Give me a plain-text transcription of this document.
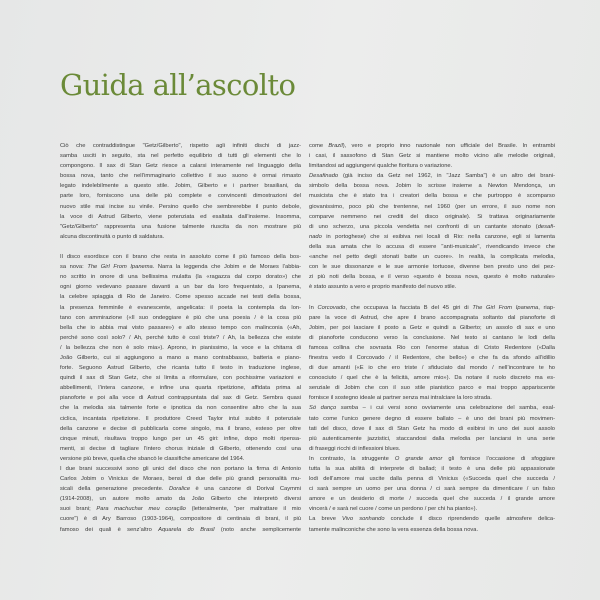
Guida all’ascolto
Ciò che contraddistingue "Getz/Gilberto", rispetto agli infiniti dischi di jazz-
samba usciti in seguito, sta nel perfetto equilibrio di tutti gli elementi che lo
compongono. Il sax di Stan Getz riesce a calarsi interamente nel linguaggio della
bossa nova, tanto che nell’immaginario collettivo il suo suono è ormai rimasto
legato indelebilmente a questo stile. Jobim, Gilberto e i partner brasiliani, da
parte loro, forniscono una delle più complete e convincenti dimostrazioni del
nuovo stile mai incise su vinile. Persino quello che sembrerebbe il punto debole,
la voce di Astrud Gilberto, viene potenziata ed esaltata dall’insieme. Insomma,
"Getz/Gilberto" rappresenta una fusione talmente riuscita da non mostrare più
alcuna discontinuità o punto di saldatura.
Il disco esordisce con il brano che resta in assoluto come il più famoso della bos-
sa nova: The Girl From Ipanema. Narra la leggenda che Jobim e de Moraes l’abbia-
no scritto in onore di una bellissima mulatta (la «ragazza dal corpo dorato») che
ogni giorno vedevano passare davanti a un bar da loro frequentato, a Ipanema,
la celebre spiaggia di Rio de Janeiro. Come spesso accade nei testi della bossa,
la presenza femminile è evanescente, angelicata: il poeta la contempla da lon-
tano con ammirazione («Il suo ondeggiare è più che una poesia / è la cosa più
bella che io abbia mai visto passare») e allo stesso tempo con malinconia («Ah,
perché sono così solo? / Ah, perché tutto è così triste? / Ah, la bellezza che esiste
/ la bellezza che non è solo mia»). Aprono, in pianissimo, la voce e la chitarra di
João Gilberto, cui si aggiungono a mano a mano contrabbasso, batteria e piano-
forte. Seguono Astrud Gilberto, che ricanta tutto il testo in traduzione inglese,
quindi il sax di Stan Getz, che si limita a riformulare, con pochissime variazioni e
abbellimenti, l’intera canzone, e infine una quarta ripetizione, affidata prima al
pianoforte e poi alla voce di Astrud contrappuntata dal sax di Getz. Sembra quasi
che la melodia sia talmente forte e ipnotica da non consentire altro che la sua
ciclica, incantata ripetizione. Il produttore Creed Taylor intuì subito il potenziale
della canzone e decise di pubblicarla come singolo, ma il brano, esteso per oltre
cinque minuti, risultava troppo lungo per un 45 giri: infine, dopo molti ripensa-
menti, si decise di tagliare l’intero chorus iniziale di Gilberto, ottenendo così una
versione più breve, quella che sbancò le classifiche americane del 1964.
I due brani successivi sono gli unici del disco che non portano la firma di Antonio
Carlos Jobim o Vinicius de Moraes, bensì di due delle più grandi personalità mu-
sicali della generazione precedente. Doralice è una canzone di Dorival Caymmi
(1914-2008), un autore molto amato da João Gilberto che interpretò diversi
suoi brani; Para machuchar meu coração (letteralmente, "per maltrattare il mio
cuore") è di Ary Barroso (1903-1964), compositore di centinaia di brani, il più
famoso dei quali è senz’altro Aquarela do Brasil (noto anche semplicemente
come Brazil), vero e proprio inno nazionale non ufficiale del Brasile. In entrambi
i casi, il sassofono di Stan Getz si mantiene molto vicino alle melodie originali,
limitandosi ad aggiungervi qualche fioritura o variazione.
Desafinado (già inciso da Getz nel 1962, in "Jazz Samba") è un altro dei brani-
simbolo della bossa nova. Jobim lo scrisse insieme a Newton Mendonça, un
musicista che è stato tra i creatori della bossa e che purtroppo è scomparso
giovanissimo, poco più che trentenne, nel 1960 (per un errore, il suo nome non
comparve nemmeno nei crediti del disco originale). Si trattava originariamente
di uno scherzo, una piccola vendetta nei confronti di un cantante stonato (desafi-
nado in portoghese) che si esibiva nei locali di Rio: nella canzone, egli si lamenta
della sua amata che lo accusa di essere "anti-musicale", rivendicando invece che
«anche nel petto degli stonati batte un cuore». In realtà, la complicata melodia,
con le sue dissonanze e le sue armonie tortuose, divenne ben presto uno dei pez-
zi più noti della bossa, e il verso «questo è bossa nova, questo è molto naturale»
è stato assunto a vero e proprio manifesto del nuovo stile.
In Corcovado, che occupava la facciata B del 45 giri di The Girl From Ipanema, riap-
pare la voce di Astrud, che apre il brano accompagnata soltanto dal pianoforte di
Jobim, per poi lasciare il posto a Getz e quindi a Gilberto; un assolo di sax e uno
di pianoforte conducono verso la conclusione. Nel testo si cantano le lodi della
famosa collina che sovrasta Rio con l’enorme statua di Cristo Redentore («Dalla
finestra vedo il Corcovado / il Redentore, che bello») e che fa da sfondo all’idillio
di due amanti («E io che ero triste / sfiduciato dal mondo / nell’incontrare te ho
conosciuto / quel che è la felicità, amore mio»). Da notare il ruolo discreto ma es-
senziale di Jobim che con il suo stile pianistico parco e mai troppo appariscente
fornisce il sostegno ideale ai partner senza mai intralciare la loro strada.
Só danço samba – i cui versi sono ovviamente una celebrazione del samba, esal-
tato come l’unico genere degno di essere ballato – è uno dei brani più movimen-
tati del disco, dove il sax di Stan Getz ha modo di esibirsi in uno dei suoi assolo
più autenticamente jazzistici, staccandosi dalla melodia per lanciarsi in una serie
di fraseggi ricchi di inflessioni blues.
In contrasto, la struggente O grande amor gli fornisce l’occasione di sfoggiare
tutta la sua abilità di interprete di ballad; il testo è una delle più appassionate
lodi dell’amore mai uscite dalla penna di Vinicius («Succeda quel che succeda /
ci sarà sempre un uomo per una donna / ci sarà sempre da dimenticare / un falso
amore e un desiderio di morte / succeda quel che succeda / il grande amore
vincerà / e sarà nel cuore / come un perdono / per chi ha pianto»).
La breve Vivo sonhando conclude il disco riprendendo quelle atmosfere delica-
tamente malinconiche che sono la vera essenza della bossa nova.
